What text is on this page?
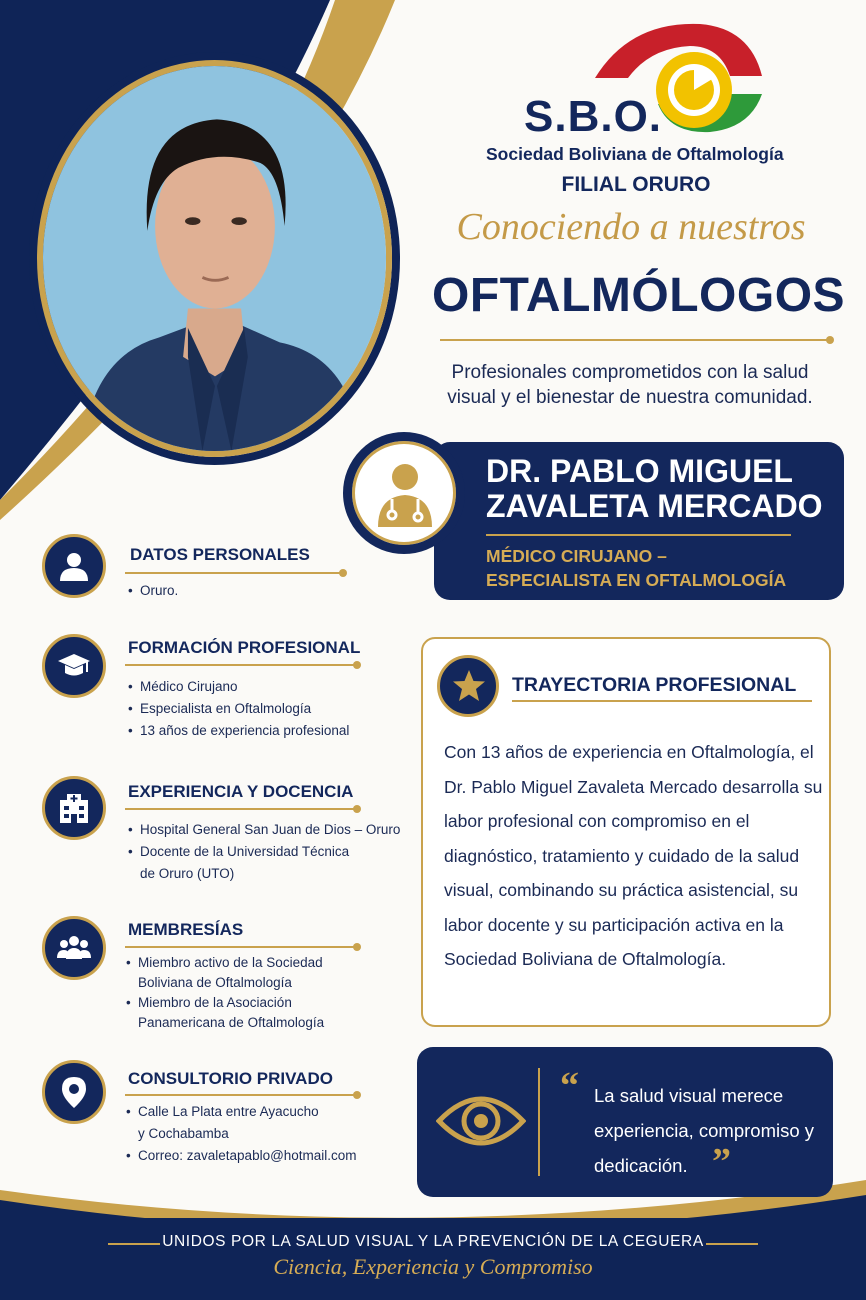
S.B.O.
Sociedad Boliviana de Oftalmología
FILIAL ORURO
Conociendo a nuestros
OFTALMÓLOGOS
Profesionales comprometidos con la salud visual y el bienestar de nuestra comunidad.
DR. PABLO MIGUEL
ZAVALETA MERCADO
MÉDICO CIRUJANO –
ESPECIALISTA EN OFTALMOLOGÍA
DATOS PERSONALES
• Oruro.
FORMACIÓN PROFESIONAL
• Médico Cirujano
• Especialista en Oftalmología
• 13 años de experiencia profesional
EXPERIENCIA Y DOCENCIA
• Hospital General San Juan de Dios – Oruro
• Docente de la Universidad Técnica
de Oruro (UTO)
MEMBRESÍAS
• Miembro activo de la Sociedad
Boliviana de Oftalmología
• Miembro de la Asociación
Panamericana de Oftalmología
CONSULTORIO PRIVADO
• Calle La Plata entre Ayacucho
y Cochabamba
• Correo: zavaletapablo@hotmail.com
TRAYECTORIA PROFESIONAL
Con 13 años de experiencia en Oftalmología, el Dr. Pablo Miguel Zavaleta Mercado desarrolla su labor profesional con compromiso en el diagnóstico, tratamiento y cuidado de la salud visual, combinando su práctica asistencial, su labor docente y su participación activa en la Sociedad Boliviana de Oftalmología.
“ La salud visual merece experiencia, compromiso y dedicación. ”
UNIDOS POR LA SALUD VISUAL Y LA PREVENCIÓN DE LA CEGUERA
Ciencia, Experiencia y Compromiso
